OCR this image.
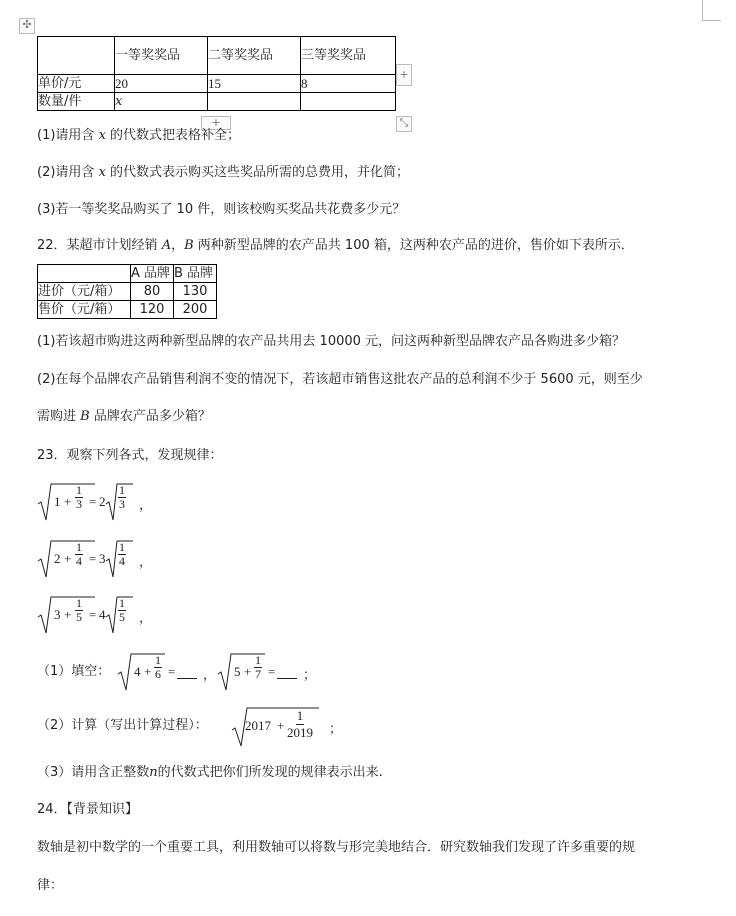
✣
	一等奖奖品	二等奖奖品	三等奖奖品
单价/元	20	15	8
数量/件	x		
+
+	⤡
(1)请用含 x 的代数式把表格补全；
(2)请用含 x 的代数式表示购买这些奖品所需的总费用，并化简；
(3)若一等奖奖品购买了 10 件，则该校购买奖品共花费多少元？
22．某超市计划经销 A，B 两种新型品牌的农产品共 100 箱，这两种农产品的进价，售价如下表所示．
	A 品牌	B 品牌
进价（元/箱）	80	130
售价（元/箱）	120	200
(1)若该超市购进这两种新型品牌的农产品共用去 10000 元，问这两种新型品牌农产品各购进多少箱？
(2)在每个品牌农产品销售利润不变的情况下，若该超市销售这批农产品的总利润不少于 5600 元，则至少
需购进 B 品牌农产品多少箱？
23．观察下列各式，发现规律：
$1 + \frac{1}{3} = 2 \frac{1}{3}$ ，
$2 + \frac{1}{4} = 3 \frac{1}{4}$ ，
$3 + \frac{1}{5} = 4 \frac{1}{5}$ ，
（1）填空： $4 + \frac{1}{6}$ = ， $5 + \frac{1}{7}$ = ；
（2）计算（写出计算过程）：	$2017 + \frac{1}{2019}$ ；
（3）请用含正整数n的代数式把你们所发现的规律表示出来.
24．【背景知识】
数轴是初中数学的一个重要工具，利用数轴可以将数与形完美地结合．研究数轴我们发现了许多重要的规
律：
